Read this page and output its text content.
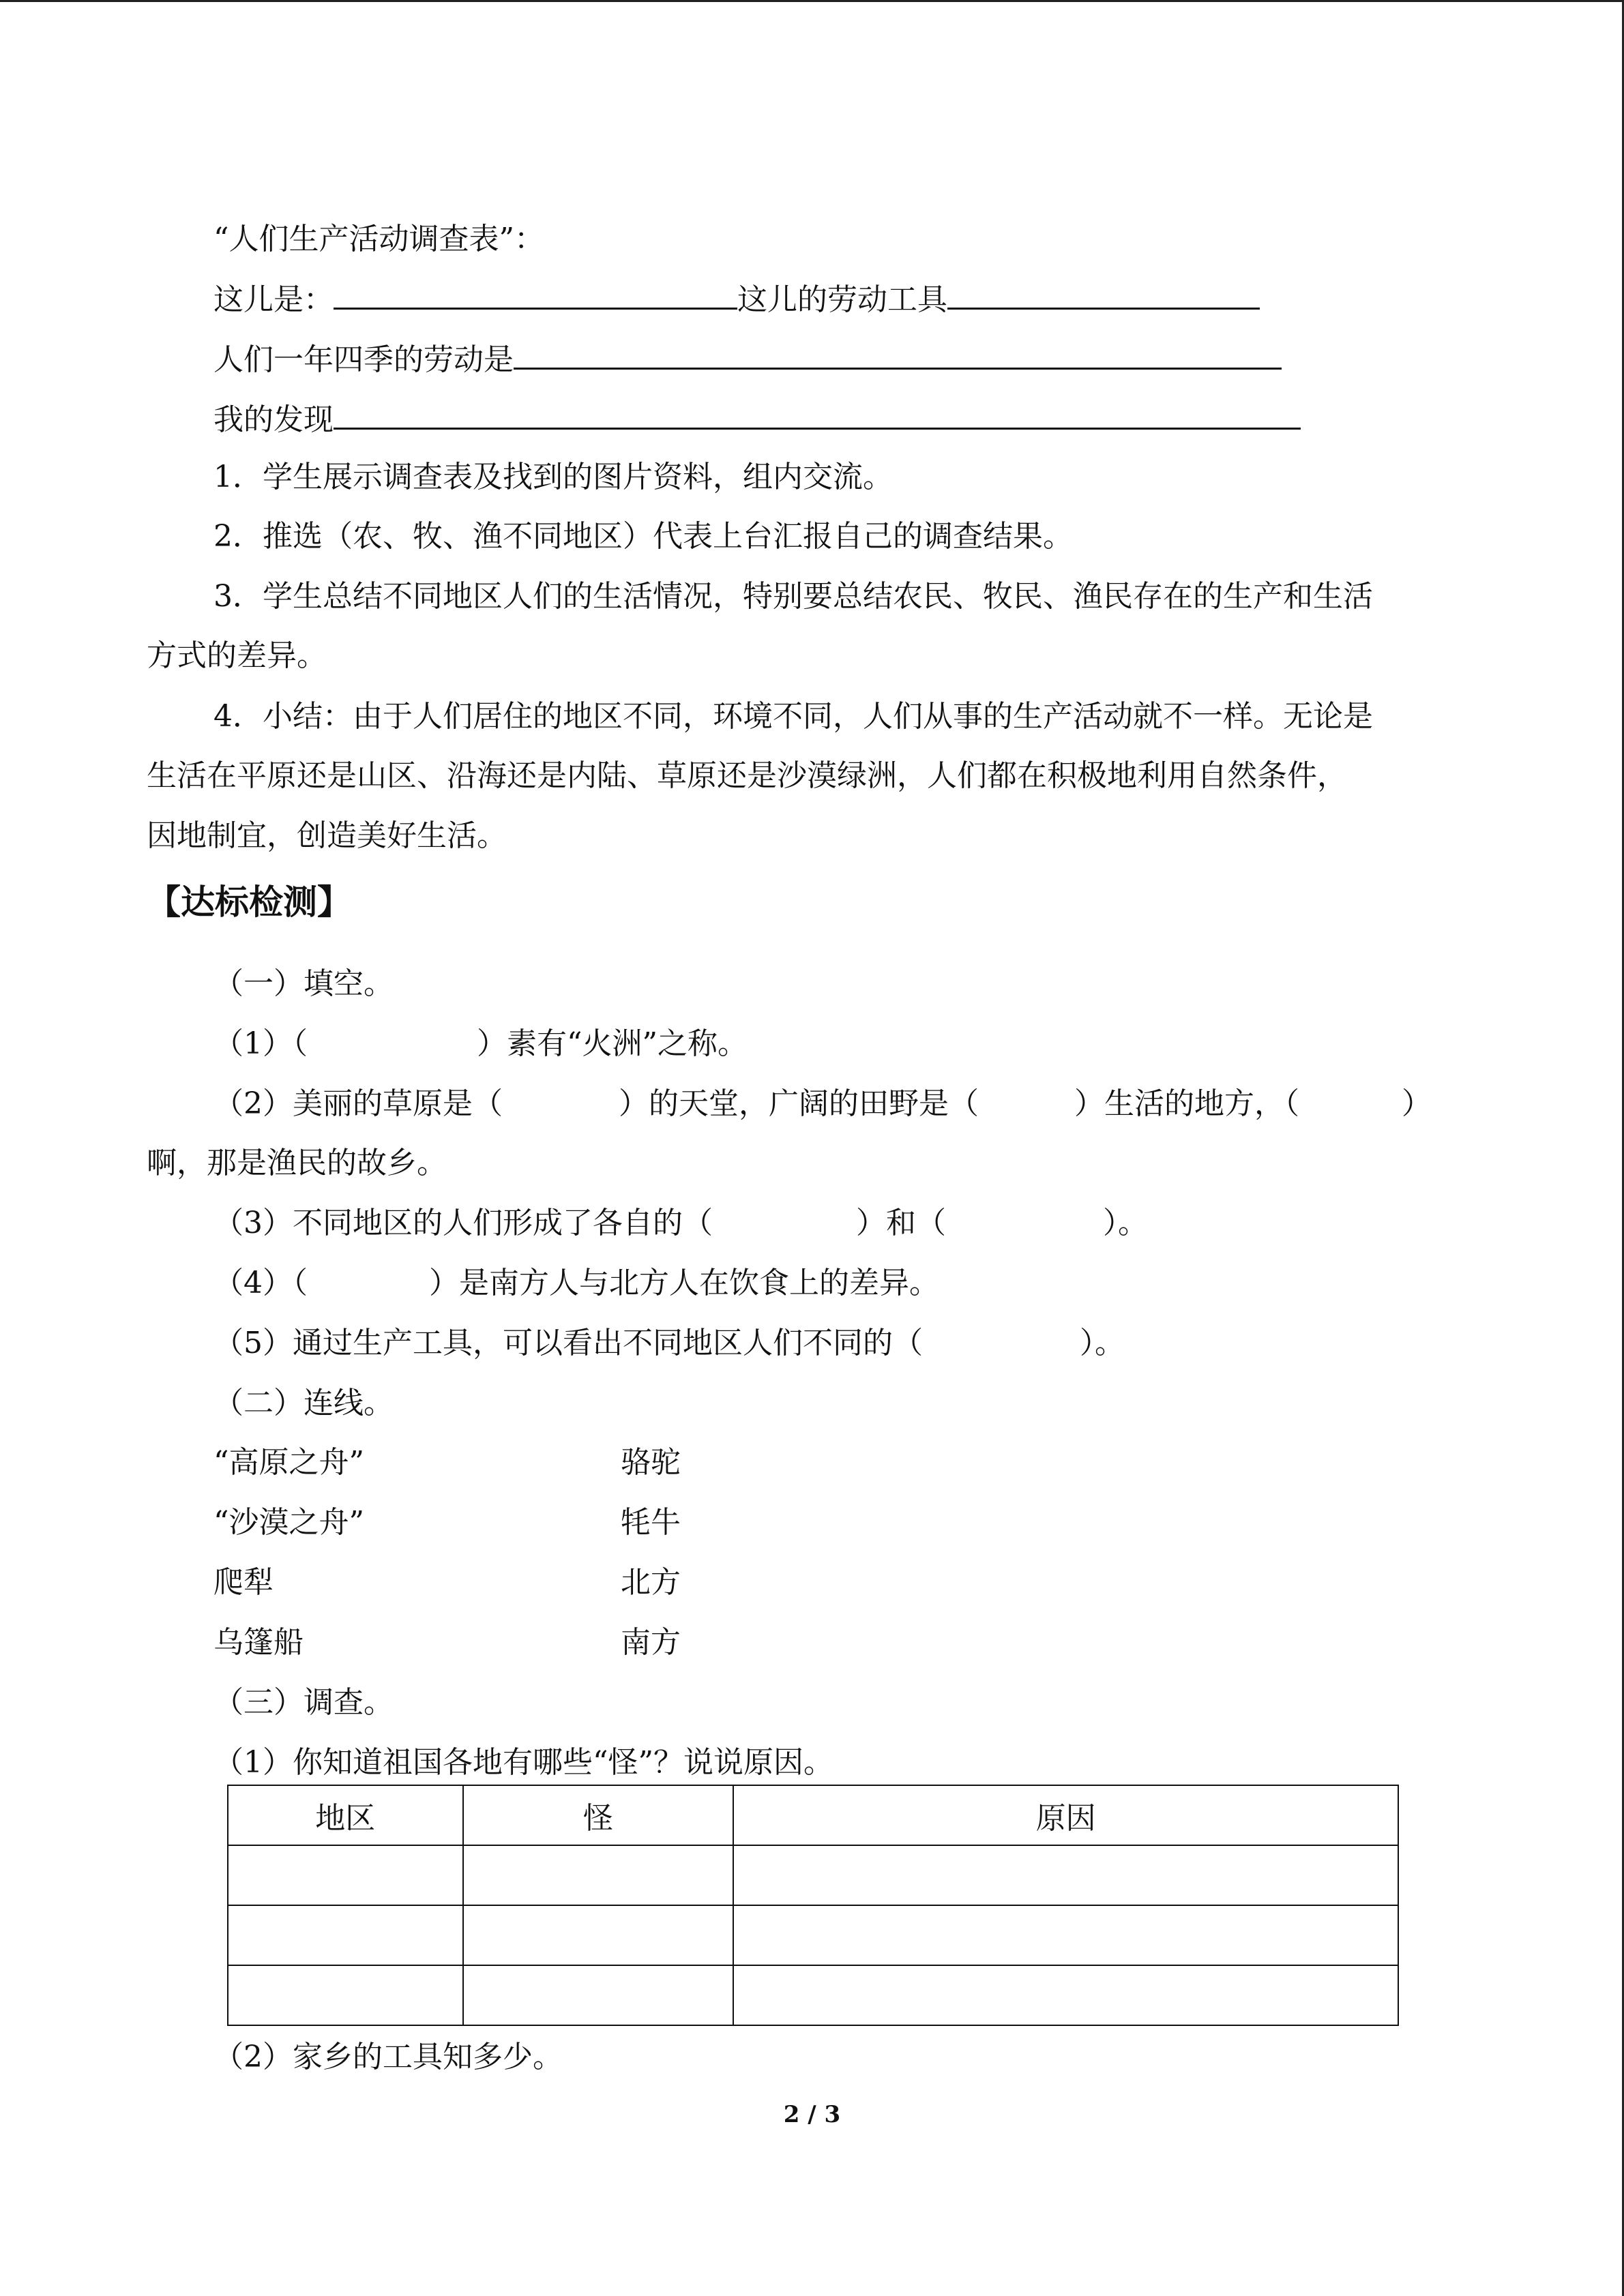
“人们生产活动调查表”：
这儿是：	这儿的劳动工具
人们一年四季的劳动是
我的发现
1．学生展示调查表及找到的图片资料，组内交流。
2．推选（农、牧、渔不同地区）代表上台汇报自己的调查结果。
3．学生总结不同地区人们的生活情况，特别要总结农民、牧民、渔民存在的生产和生活
方式的差异。
4．小结：由于人们居住的地区不同，环境不同，人们从事的生产活动就不一样。无论是
生活在平原还是山区、沿海还是内陆、草原还是沙漠绿洲，人们都在积极地利用自然条件，
因地制宜，创造美好生活。
【达标检测】
（一）填空。
（1）（	）素有“火洲”之称。
（2）美丽的草原是（	）的天堂，广阔的田野是（	）生活的地方，（	）
啊，那是渔民的故乡。
（3）不同地区的人们形成了各自的（	）和（	）。
（4）（	）是南方人与北方人在饮食上的差异。
（5）通过生产工具，可以看出不同地区人们不同的（	）。
（二）连线。
“高原之舟”	骆驼
“沙漠之舟”	牦牛
爬犁	北方
乌篷船	南方
（三）调查。
（1）你知道祖国各地有哪些“怪”？说说原因。
地区	怪	原因

（2）家乡的工具知多少。
2 / 3
